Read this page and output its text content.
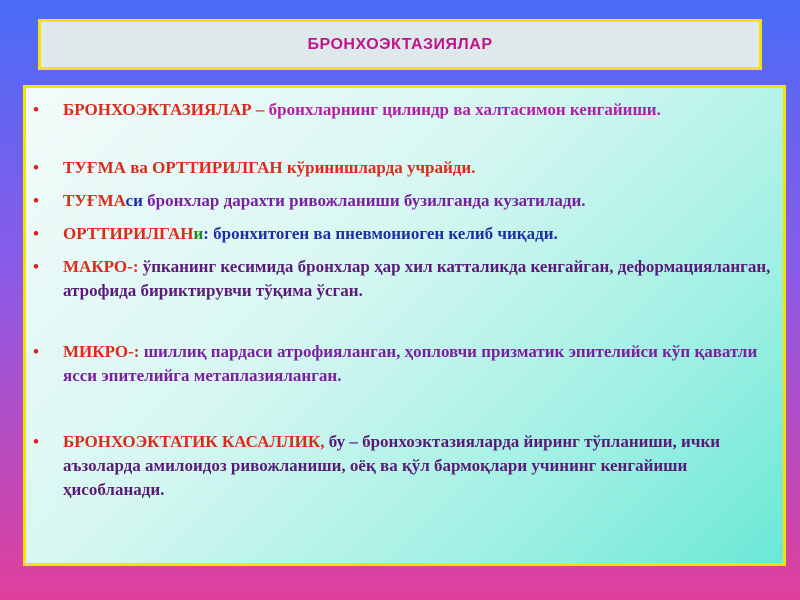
БРОНХОЭКТАЗИЯЛАР
• БРОНХОЭКТАЗИЯЛАР – бронхларнинг цилиндр ва халтасимон кенгайиши.
• ТУҒМА ва ОРТТИРИЛГАН кўринишларда учрайди.
• ТУҒМАси бронхлар дарахти ривожланиши бузилганда кузатилади.
• ОРТТИРИЛГАНи: бронхитоген ва пневмониоген келиб чиқади.
• МАКРО-: ўпканинг кесимида бронхлар ҳар хил катталикда кенгайган, деформацияланган, атрофида бириктирувчи тўқима ўсган.
• МИКРО-: шиллиқ пардаси атрофияланган, ҳопловчи призматик эпителийси кўп қаватли ясси эпителийга метаплазияланган.
• БРОНХОЭКТАТИК КАСАЛЛИК, бу – бронхоэктазияларда йиринг тўпланиши, ички аъзоларда амилоидоз ривожланиши, оёқ ва қўл бармоқлари учининг кенгайиши ҳисобланади.
